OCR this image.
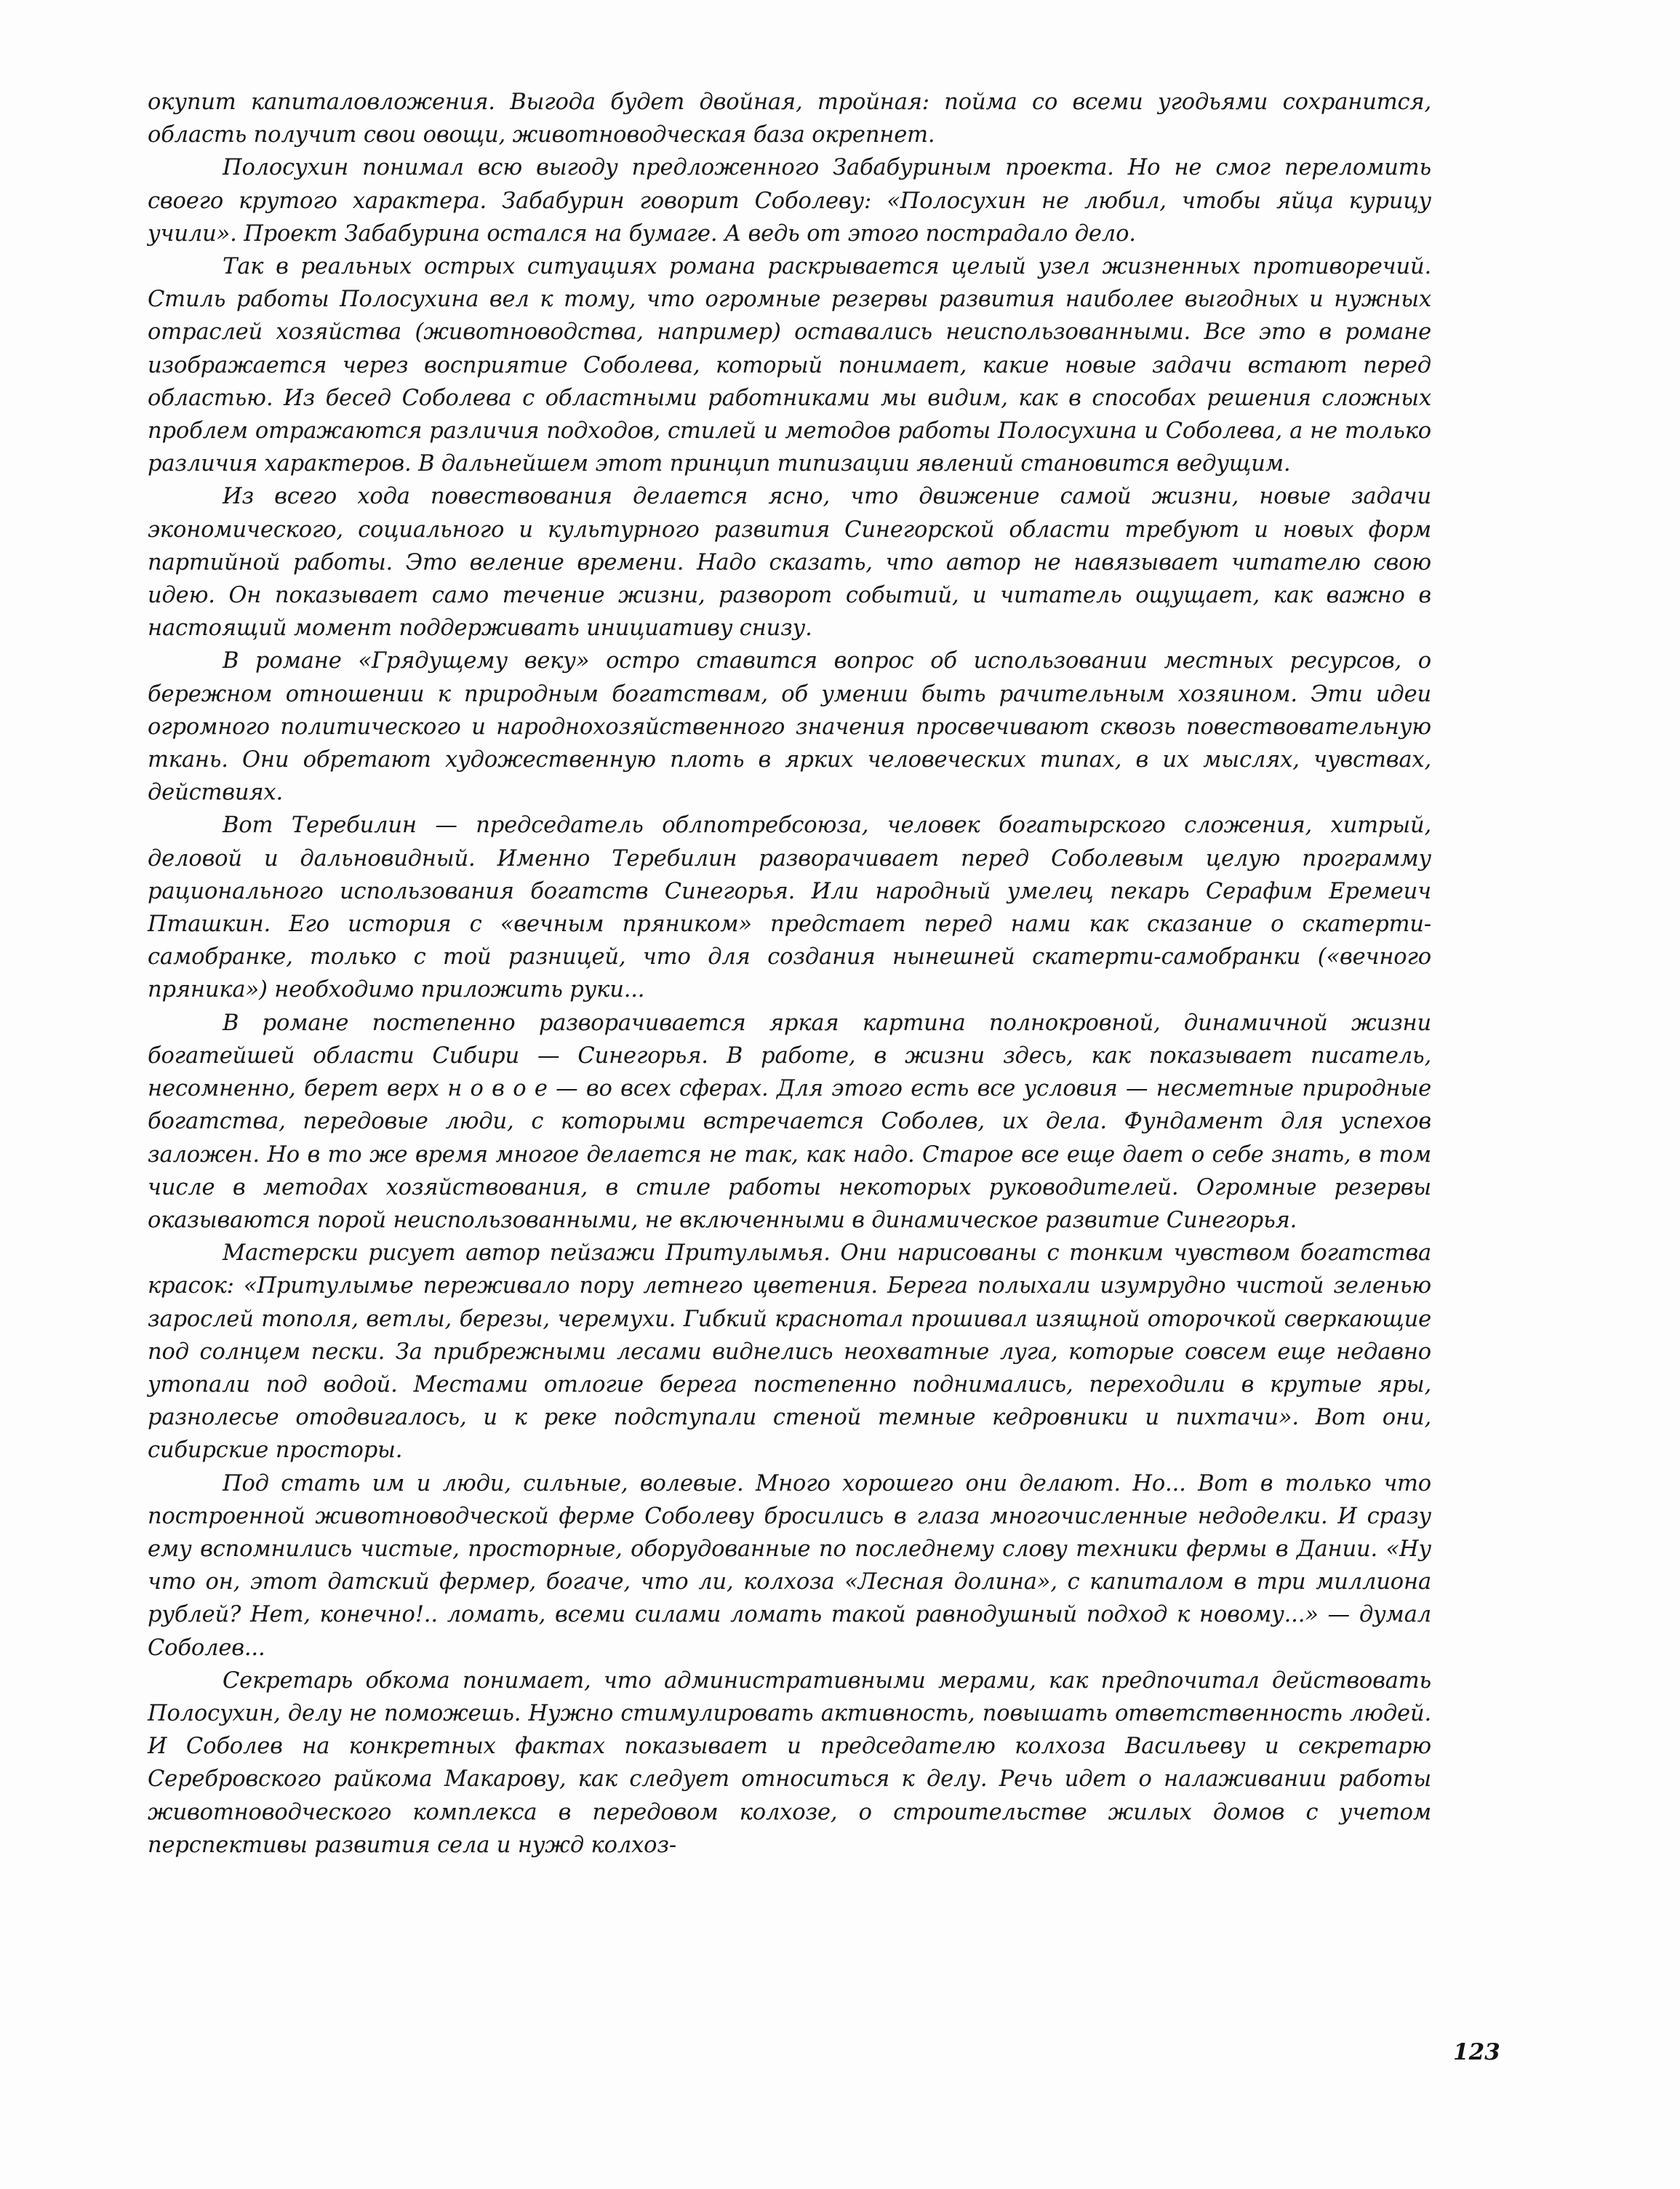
окупит капиталовложения. Выгода будет двойная, тройная: пойма со всеми угодьями сохранится, область получит свои овощи, животноводческая база окрепнет.

Полосухин понимал всю выгоду предложенного Забабуриным проекта. Но не смог переломить своего крутого характера. Забабурин говорит Соболеву: «Полосухин не любил, чтобы яйца курицу учили». Проект Забабурина остался на бумаге. А ведь от этого пострадало дело.

Так в реальных острых ситуациях романа раскрывается целый узел жизненных противоречий. Стиль работы Полосухина вел к тому, что огромные резервы развития наиболее выгодных и нужных отраслей хозяйства (животноводства, например) оставались неиспользованными. Все это в романе изображается через восприятие Соболева, который понимает, какие новые задачи встают перед областью. Из бесед Соболева с областными работниками мы видим, как в способах решения сложных проблем отражаются различия подходов, стилей и методов работы Полосухина и Соболева, а не только различия характеров. В дальнейшем этот принцип типизации явлений становится ведущим.

Из всего хода повествования делается ясно, что движение самой жизни, новые задачи экономического, социального и культурного развития Синегорской области требуют и новых форм партийной работы. Это веление времени. Надо сказать, что автор не навязывает читателю свою идею. Он показывает само течение жизни, разворот событий, и читатель ощущает, как важно в настоящий момент поддерживать инициативу снизу.

В романе «Грядущему веку» остро ставится вопрос об использовании местных ресурсов, о бережном отношении к природным богатствам, об умении быть рачительным хозяином. Эти идеи огромного политического и народнохозяйственного значения просвечивают сквозь повествовательную ткань. Они обретают художественную плоть в ярких человеческих типах, в их мыслях, чувствах, действиях.

Вот Теребилин — председатель облпотребсоюза, человек богатырского сложения, хитрый, деловой и дальновидный. Именно Теребилин разворачивает перед Соболевым целую программу рационального использования богатств Синегорья. Или народный умелец пекарь Серафим Еремеич Пташкин. Его история с «вечным пряником» предстает перед нами как сказание о скатерти-самобранке, только с той разницей, что для создания нынешней скатерти-самобранки («вечного пряника») необходимо приложить руки...

В романе постепенно разворачивается яркая картина полнокровной, динамичной жизни богатейшей области Сибири — Синегорья. В работе, в жизни здесь, как показывает писатель, несомненно, берет верх н о в о е — во всех сферах. Для этого есть все условия — несметные природные богатства, передовые люди, с которыми встречается Соболев, их дела. Фундамент для успехов заложен. Но в то же время многое делается не так, как надо. Старое все еще дает о себе знать, в том числе в методах хозяйствования, в стиле работы некоторых руководителей. Огромные резервы оказываются порой неиспользованными, не включенными в динамическое развитие Синегорья.

Мастерски рисует автор пейзажи Притулымья. Они нарисованы с тонким чувством богатства красок: «Притулымье переживало пору летнего цветения. Берега полыхали изумрудно чистой зеленью зарослей тополя, ветлы, березы, черемухи. Гибкий краснотал прошивал изящной оторочкой сверкающие под солнцем пески. За прибрежными лесами виднелись неохватные луга, которые совсем еще недавно утопали под водой. Местами отлогие берега постепенно поднимались, переходили в крутые яры, разнолесье отодвигалось, и к реке подступали стеной темные кедровники и пихтачи». Вот они, сибирские просторы.

Под стать им и люди, сильные, волевые. Много хорошего они делают. Но... Вот в только что построенной животноводческой ферме Соболеву бросились в глаза многочисленные недоделки. И сразу ему вспомнились чистые, просторные, оборудованные по последнему слову техники фермы в Дании. «Ну что он, этот датский фермер, богаче, что ли, колхоза «Лесная долина», с капиталом в три миллиона рублей? Нет, конечно!.. ломать, всеми силами ломать такой равнодушный подход к новому...» — думал Соболев...

Секретарь обкома понимает, что административными мерами, как предпочитал действовать Полосухин, делу не поможешь. Нужно стимулировать активность, повышать ответственность людей. И Соболев на конкретных фактах показывает и председателю колхоза Васильеву и секретарю Серебровского райкома Макарову, как следует относиться к делу. Речь идет о налаживании работы животноводческого комплекса в передовом колхозе, о строительстве жилых домов с учетом перспективы развития села и нужд колхоз-

123
